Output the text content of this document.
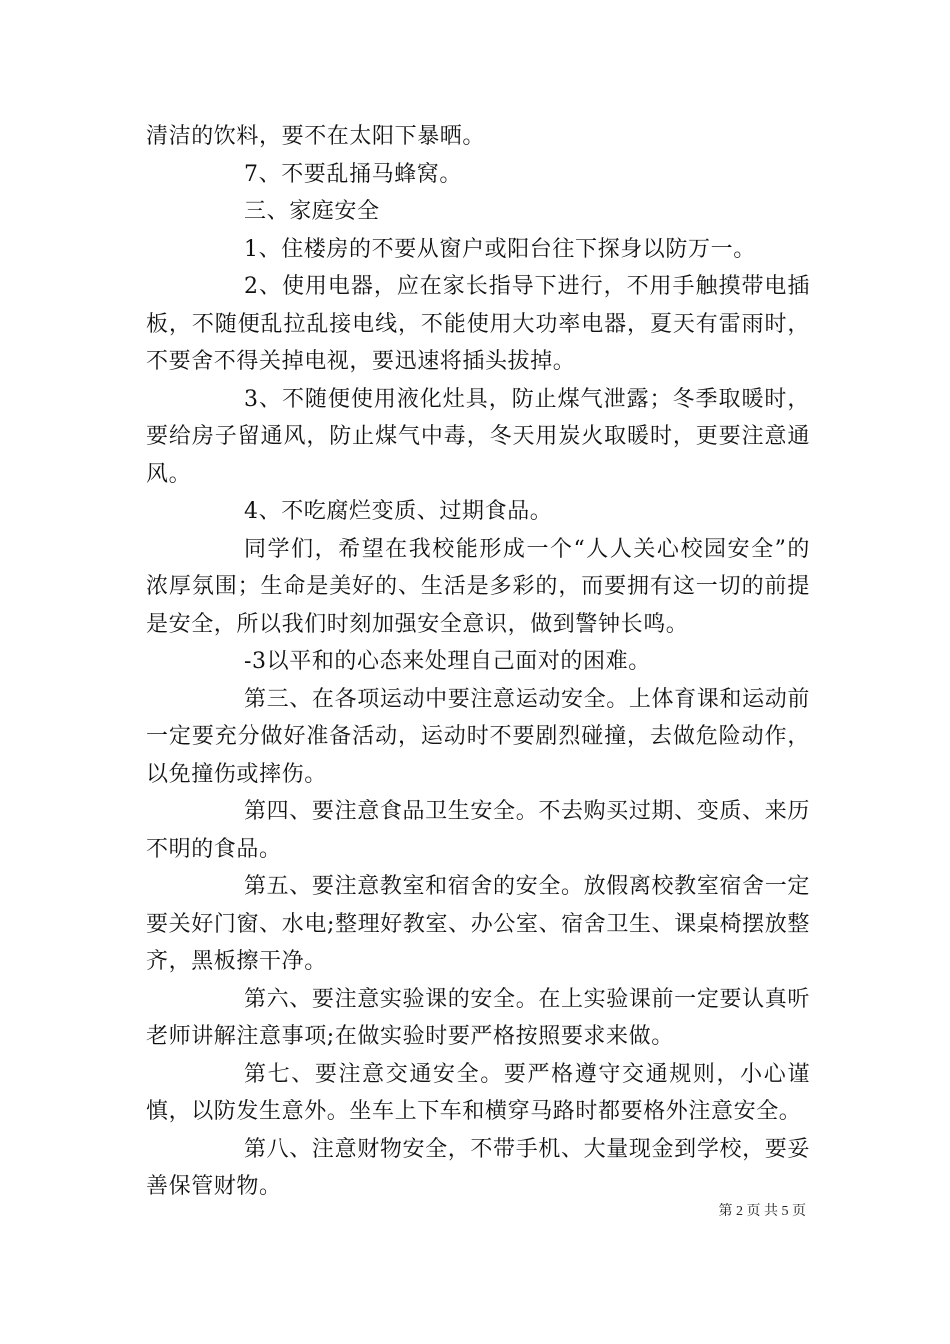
清洁的饮料，要不在太阳下暴晒。

7、不要乱捅马蜂窝。

三、家庭安全

1、住楼房的不要从窗户或阳台往下探身以防万一。

2、使用电器，应在家长指导下进行，不用手触摸带电插板，不随便乱拉乱接电线，不能使用大功率电器，夏天有雷雨时，不要舍不得关掉电视，要迅速将插头拔掉。

3、不随便使用液化灶具，防止煤气泄露；冬季取暖时，要给房子留通风，防止煤气中毒，冬天用炭火取暖时，更要注意通风。

4、不吃腐烂变质、过期食品。

同学们，希望在我校能形成一个“人人关心校园安全”的浓厚氛围；生命是美好的、生活是多彩的，而要拥有这一切的前提是安全，所以我们时刻加强安全意识，做到警钟长鸣。

-3以平和的心态来处理自己面对的困难。

第三、在各项运动中要注意运动安全。上体育课和运动前一定要充分做好准备活动，运动时不要剧烈碰撞，去做危险动作，以免撞伤或摔伤。

第四、要注意食品卫生安全。不去购买过期、变质、来历不明的食品。

第五、要注意教室和宿舍的安全。放假离校教室宿舍一定要关好门窗、水电;整理好教室、办公室、宿舍卫生、课桌椅摆放整齐，黑板擦干净。

第六、要注意实验课的安全。在上实验课前一定要认真听老师讲解注意事项;在做实验时要严格按照要求来做。

第七、要注意交通安全。要严格遵守交通规则，小心谨慎，以防发生意外。坐车上下车和横穿马路时都要格外注意安全。

第八、注意财物安全，不带手机、大量现金到学校，要妥善保管财物。

第 2 页 共 5 页
